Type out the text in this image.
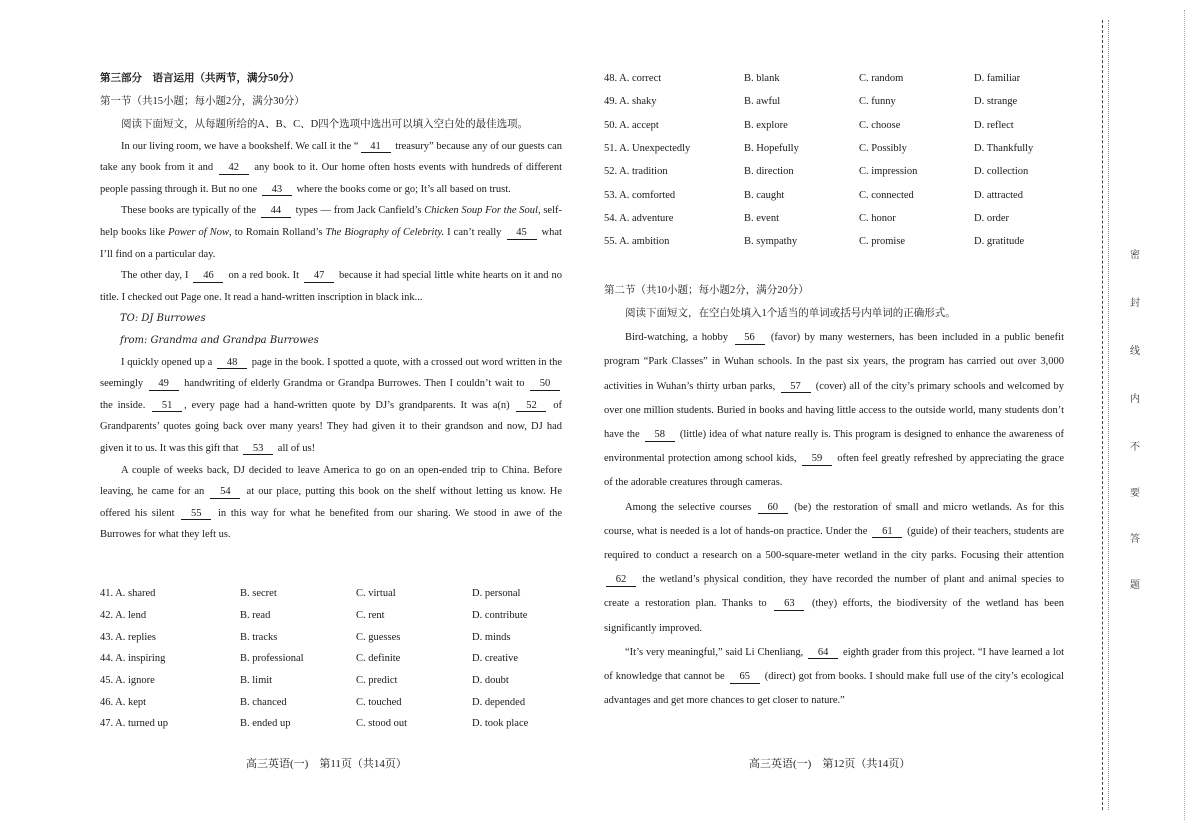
第三部分　语言运用（共两节，满分50分）
第一节（共15小题；每小题2分，满分30分）

阅读下面短文，从每题所给的A、B、C、D四个选项中选出可以填入空白处的最佳选项。

In our living room, we have a bookshelf. We call it the “ 41 treasury” because any of our guests can take any book from it and 42 any book to it. Our home often hosts events with hundreds of different people passing through it. But no one 43 where the books come or go; It’s all based on trust.

These books are typically of the 44 types — from Jack Canfield’s Chicken Soup For the Soul, self-help books like Power of Now, to Romain Rolland’s The Biography of Celebrity. I can’t really 45 what I’ll find on a particular day.

The other day, I 46 on a red book. It 47 because it had special little white hearts on it and no title. I checked out Page one. It read a hand-written inscription in black ink...

TO: DJ Burrowes

from: Grandma and Grandpa Burrowes

I quickly opened up a 48 page in the book. I spotted a quote, with a crossed out word written in the seemingly 49 handwriting of elderly Grandma or Grandpa Burrowes. Then I couldn’t wait to 50 the inside. 51 , every page had a hand-written quote by DJ’s grandparents. It was a(n) 52 of Grandparents’ quotes going back over many years! They had given it to their grandson and now, DJ had given it to us. It was this gift that 53 all of us!

A couple of weeks back, DJ decided to leave America to go on an open-ended trip to China. Before leaving, he came for an 54 at our place, putting this book on the shelf without letting us know. He offered his silent 55 in this way for what he benefited from our sharing. We stood in awe of the Burrowes for what they left us.

41. A. shared	B. secret	C. virtual	D. personal
42. A. lend	B. read	C. rent	D. contribute
43. A. replies	B. tracks	C. guesses	D. minds
44. A. inspiring	B. professional	C. definite	D. creative
45. A. ignore	B. limit	C. predict	D. doubt
46. A. kept	B. chanced	C. touched	D. depended
47. A. turned up	B. ended up	C. stood out	D. took place
高三英语(一)　第11页（共14页）
48. A. correct	B. blank	C. random	D. familiar
49. A. shaky	B. awful	C. funny	D. strange
50. A. accept	B. explore	C. choose	D. reflect
51. A. Unexpectedly	B. Hopefully	C. Possibly	D. Thankfully
52. A. tradition	B. direction	C. impression	D. collection
53. A. comforted	B. caught	C. connected	D. attracted
54. A. adventure	B. event	C. honor	D. order
55. A. ambition	B. sympathy	C. promise	D. gratitude
第二节（共10小题；每小题2分，满分20分）

阅读下面短文，在空白处填入1个适当的单词或括号内单词的正确形式。

Bird-watching, a hobby 56 (favor) by many westerners, has been included in a public benefit program “Park Classes” in Wuhan schools. In the past six years, the program has carried out over 3,000 activities in Wuhan’s thirty urban parks, 57 (cover) all of the city’s primary schools and welcomed by over one million students. Buried in books and having little access to the outside world, many students don’t have the 58 (little) idea of what nature really is. This program is designed to enhance the awareness of environmental protection among school kids, 59 often feel greatly refreshed by appreciating the grace of the adorable creatures through cameras.

Among the selective courses 60 (be) the restoration of small and micro wetlands. As for this course, what is needed is a lot of hands-on practice. Under the 61 (guide) of their teachers, students are required to conduct a research on a 500-square-meter wetland in the city parks. Focusing their attention 62 the wetland’s physical condition, they have recorded the number of plant and animal species to create a restoration plan. Thanks to 63 (they) efforts, the biodiversity of the wetland has been significantly improved.

“It’s very meaningful,” said Li Chenliang, 64 eighth grader from this project. “I have learned a lot of knowledge that cannot be 65 (direct) got from books. I should make full use of the city’s ecological advantages and get more chances to get closer to nature.”

高三英语(一)　第12页（共14页）
密
封
线
内
不
要
答
题
